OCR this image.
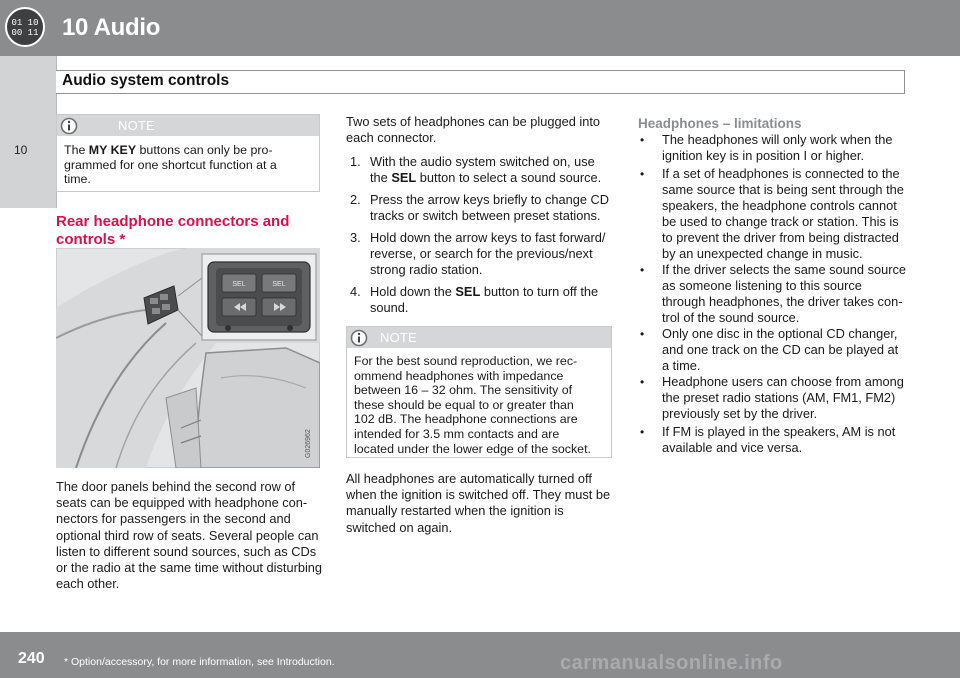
01 10
00 11 10 Audio
10
Audio system controls
NOTE
The MY KEY buttons can only be pro-
grammed for one shortcut function at a
time.
Rear headphone connectors and
controls *
SEL	SEL
G026962
The door panels behind the second row of
seats can be equipped with headphone con-
nectors for passengers in the second and
optional third row of seats. Several people can
listen to different sound sources, such as CDs
or the radio at the same time without disturbing
each other.
Two sets of headphones can be plugged into
each connector.
1. With the audio system switched on, use
the SEL button to select a sound source.
2. Press the arrow keys briefly to change CD
tracks or switch between preset stations.
3. Hold down the arrow keys to fast forward/
reverse, or search for the previous/next
strong radio station.
4. Hold down the SEL button to turn off the
sound.
NOTE
For the best sound reproduction, we rec-
ommend headphones with impedance
between 16 – 32 ohm. The sensitivity of
these should be equal to or greater than
102 dB. The headphone connections are
intended for 3.5 mm contacts and are
located under the lower edge of the socket.
All headphones are automatically turned off
when the ignition is switched off. They must be
manually restarted when the ignition is
switched on again.
Headphones – limitations
• The headphones will only work when the
ignition key is in position I or higher.
• If a set of headphones is connected to the
same source that is being sent through the
speakers, the headphone controls cannot
be used to change track or station. This is
to prevent the driver from being distracted
by an unexpected change in music.
• If the driver selects the same sound source
as someone listening to this source
through headphones, the driver takes con-
trol of the sound source.
• Only one disc in the optional CD changer,
and one track on the CD can be played at
a time.
• Headphone users can choose from among
the preset radio stations (AM, FM1, FM2)
previously set by the driver.
• If FM is played in the speakers, AM is not
available and vice versa.
240 * Option/accessory, for more information, see Introduction.	carmanualsonline.info
